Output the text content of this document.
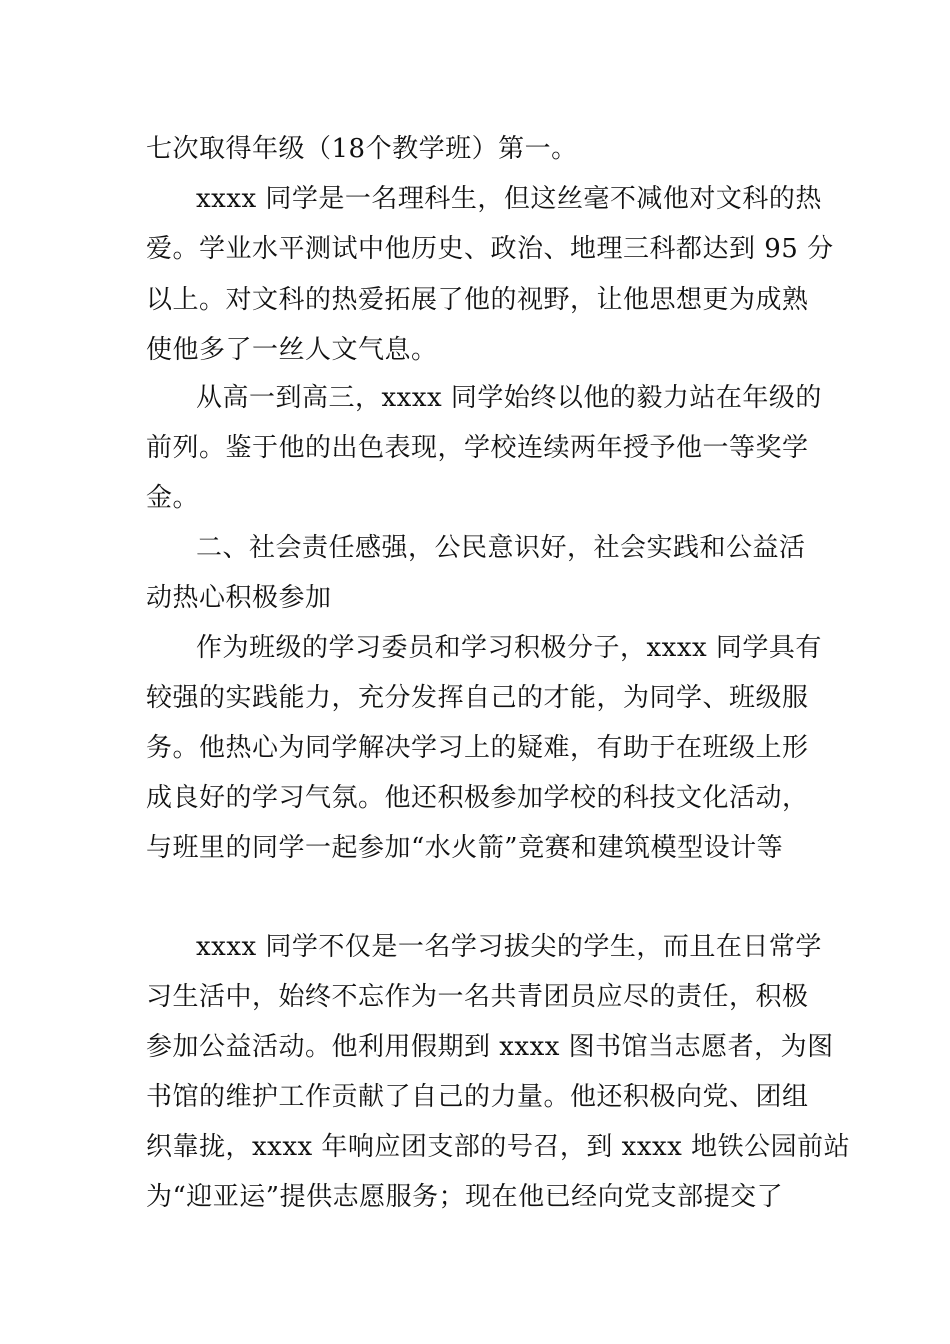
七次取得年级（18个教学班）第一。
xxxx 同学是一名理科生，但这丝毫不减他对文科的热
爱。学业水平测试中他历史、政治、地理三科都达到 95 分
以上。对文科的热爱拓展了他的视野，让他思想更为成熟
使他多了一丝人文气息。
从高一到高三，xxxx 同学始终以他的毅力站在年级的
前列。鉴于他的出色表现，学校连续两年授予他一等奖学
金。
二、社会责任感强，公民意识好，社会实践和公益活
动热心积极参加
作为班级的学习委员和学习积极分子，xxxx 同学具有
较强的实践能力，充分发挥自己的才能，为同学、班级服
务。他热心为同学解决学习上的疑难，有助于在班级上形
成良好的学习气氛。他还积极参加学校的科技文化活动，
与班里的同学一起参加“水火箭”竞赛和建筑模型设计等
xxxx 同学不仅是一名学习拔尖的学生，而且在日常学
习生活中，始终不忘作为一名共青团员应尽的责任，积极
参加公益活动。他利用假期到 xxxx 图书馆当志愿者，为图
书馆的维护工作贡献了自己的力量。他还积极向党、团组
织靠拢，xxxx 年响应团支部的号召，到 xxxx 地铁公园前站
为“迎亚运”提供志愿服务；现在他已经向党支部提交了
